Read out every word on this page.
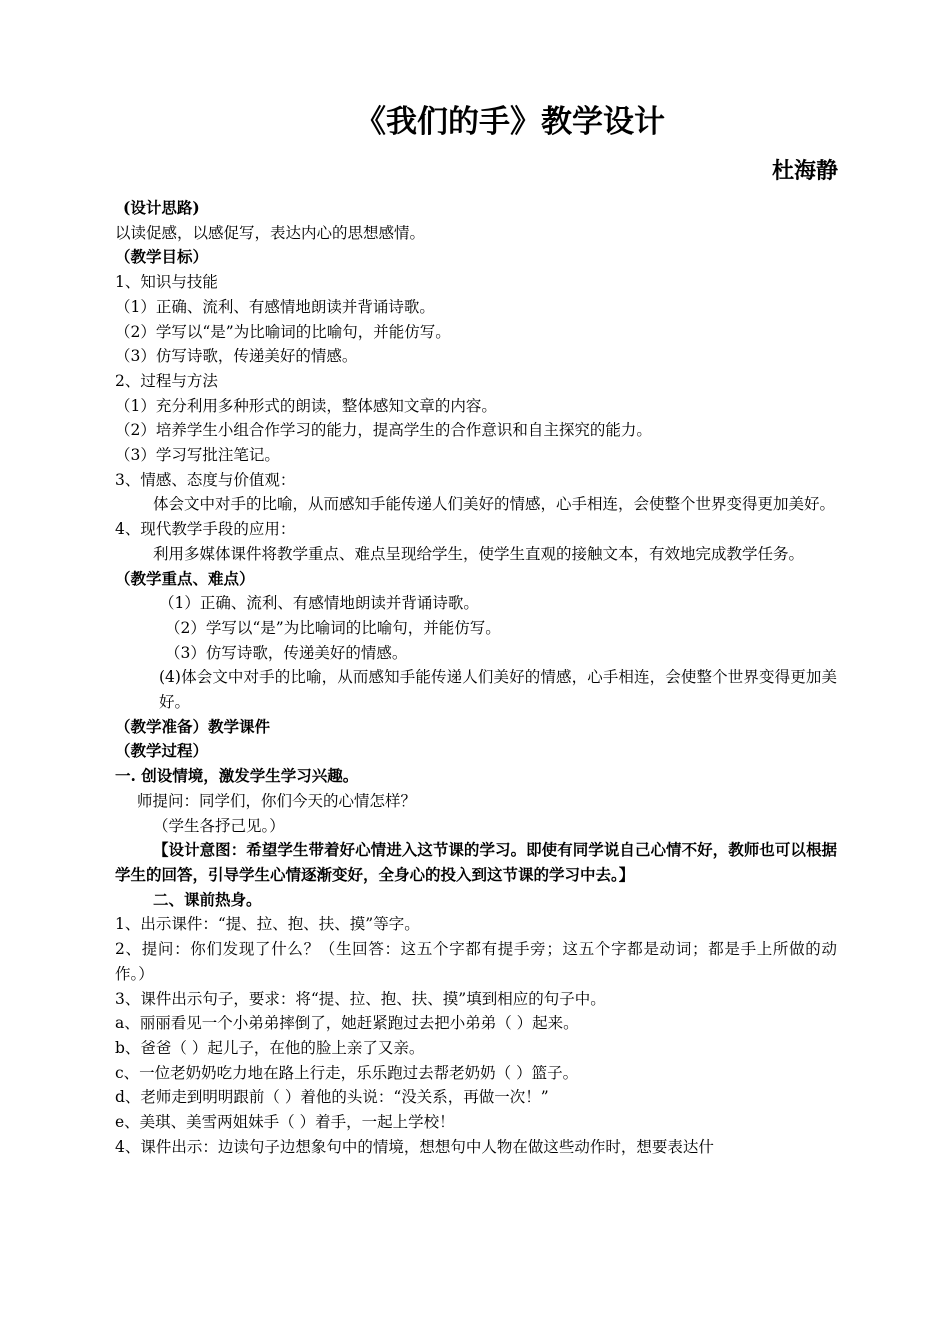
《我们的手》教学设计
杜海静

(设计思路)

以读促感，以感促写，表达内心的思想感情。

（教学目标）

1、知识与技能

（1）正确、流利、有感情地朗读并背诵诗歌。

（2）学写以“是”为比喻词的比喻句，并能仿写。

（3）仿写诗歌，传递美好的情感。

2、过程与方法

（1）充分利用多种形式的朗读，整体感知文章的内容。

（2）培养学生小组合作学习的能力，提高学生的合作意识和自主探究的能力。

（3）学习写批注笔记。

3、情感、态度与价值观：

体会文中对手的比喻，从而感知手能传递人们美好的情感，心手相连，会使整个世界变得更加美好。

4、现代教学手段的应用：

利用多媒体课件将教学重点、难点呈现给学生，使学生直观的接触文本，有效地完成教学任务。

（教学重点、难点）

（1）正确、流利、有感情地朗读并背诵诗歌。

（2）学写以“是”为比喻词的比喻句，并能仿写。

（3）仿写诗歌，传递美好的情感。

(4)体会文中对手的比喻，从而感知手能传递人们美好的情感，心手相连，会使整个世界变得更加美好。

（教学准备）教学课件

（教学过程）

一. 创设情境，激发学生学习兴趣。

师提问：同学们，你们今天的心情怎样？

（学生各抒己见。）

【设计意图：希望学生带着好心情进入这节课的学习。即使有同学说自己心情不好，教师也可以根据学生的回答，引导学生心情逐渐变好，全身心的投入到这节课的学习中去。】

二、课前热身。

1、出示课件：“提、拉、抱、扶、摸”等字。

2、提问：你们发现了什么？（生回答：这五个字都有提手旁；这五个字都是动词；都是手上所做的动作。）

3、课件出示句子，要求：将“提、拉、抱、扶、摸”填到相应的句子中。

a、丽丽看见一个小弟弟摔倒了，她赶紧跑过去把小弟弟（ ）起来。

b、爸爸（ ）起儿子，在他的脸上亲了又亲。

c、一位老奶奶吃力地在路上行走，乐乐跑过去帮老奶奶（ ）篮子。

d、老师走到明明跟前（ ）着他的头说：“没关系，再做一次！”

e、美琪、美雪两姐妹手（ ）着手，一起上学校！

4、课件出示：边读句子边想象句中的情境，想想句中人物在做这些动作时，想要表达什
